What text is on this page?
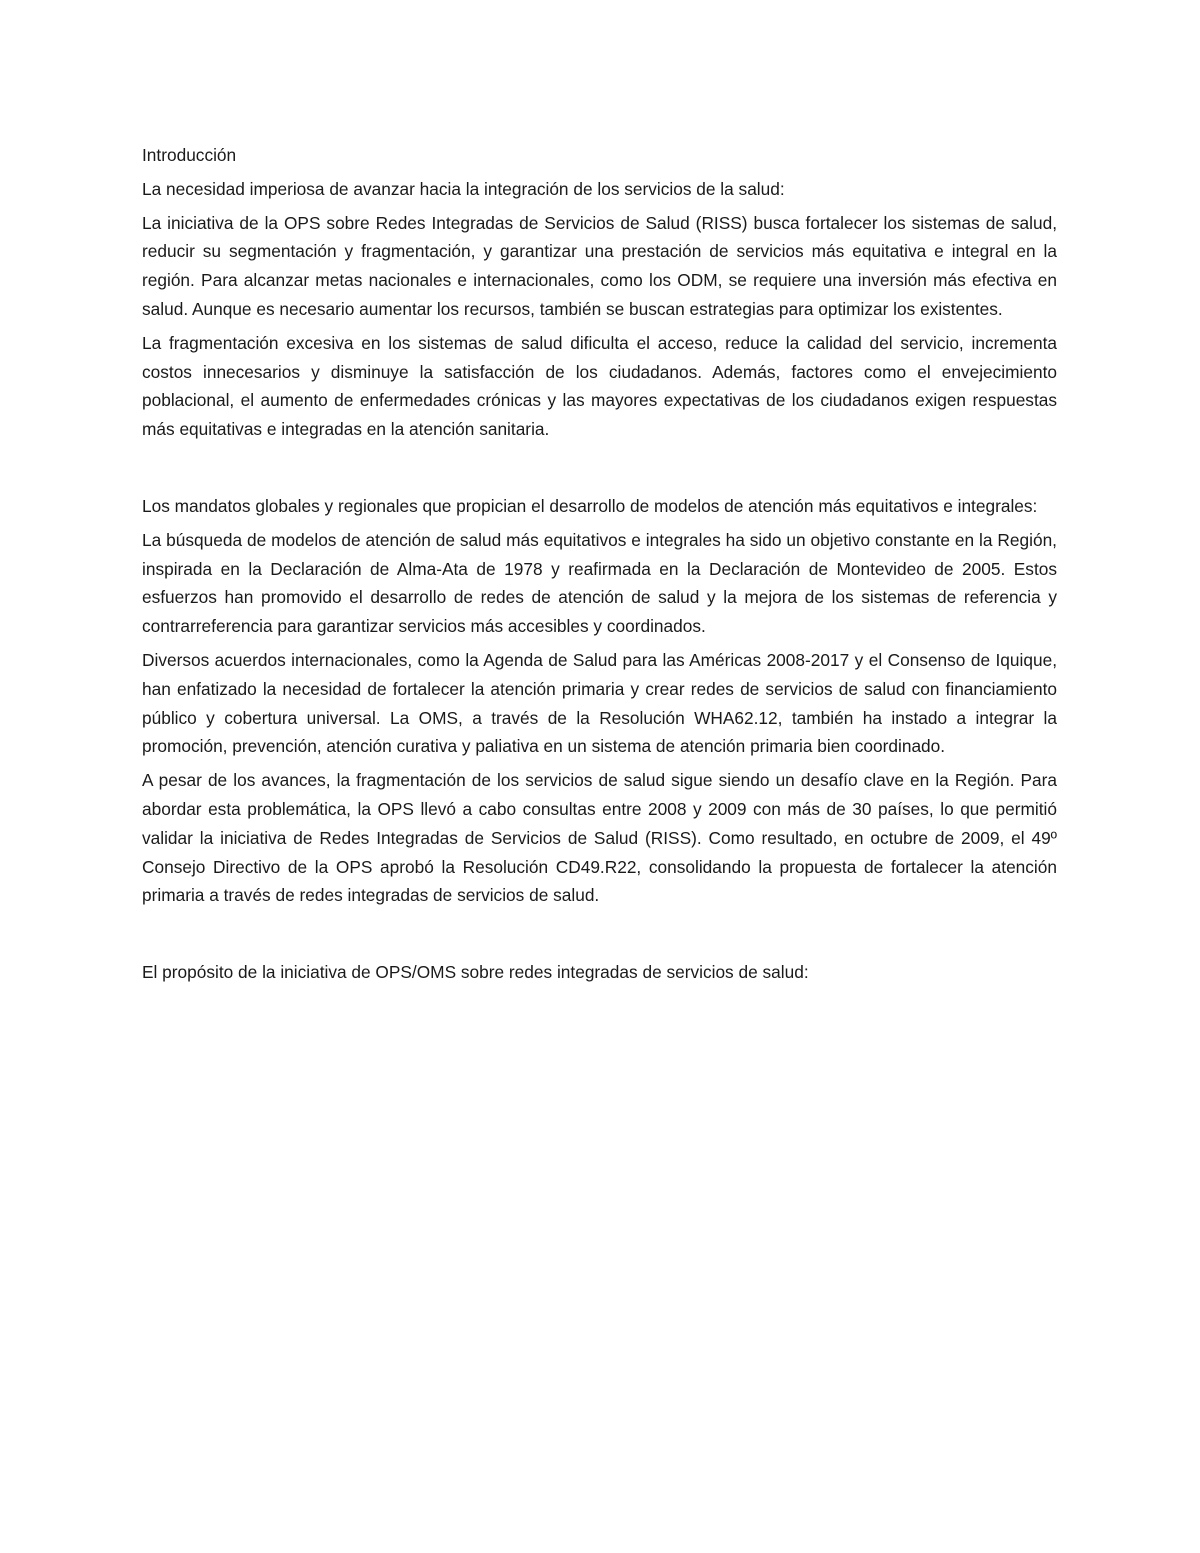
Introducción

La necesidad imperiosa de avanzar hacia la integración de los servicios de la salud:

La iniciativa de la OPS sobre Redes Integradas de Servicios de Salud (RISS) busca fortalecer los sistemas de salud, reducir su segmentación y fragmentación, y garantizar una prestación de servicios más equitativa e integral en la región. Para alcanzar metas nacionales e internacionales, como los ODM, se requiere una inversión más efectiva en salud. Aunque es necesario aumentar los recursos, también se buscan estrategias para optimizar los existentes.

La fragmentación excesiva en los sistemas de salud dificulta el acceso, reduce la calidad del servicio, incrementa costos innecesarios y disminuye la satisfacción de los ciudadanos. Además, factores como el envejecimiento poblacional, el aumento de enfermedades crónicas y las mayores expectativas de los ciudadanos exigen respuestas más equitativas e integradas en la atención sanitaria.

Los mandatos globales y regionales que propician el desarrollo de modelos de atención más equitativos e integrales:

La búsqueda de modelos de atención de salud más equitativos e integrales ha sido un objetivo constante en la Región, inspirada en la Declaración de Alma-Ata de 1978 y reafirmada en la Declaración de Montevideo de 2005. Estos esfuerzos han promovido el desarrollo de redes de atención de salud y la mejora de los sistemas de referencia y contrarreferencia para garantizar servicios más accesibles y coordinados.

Diversos acuerdos internacionales, como la Agenda de Salud para las Américas 2008-2017 y el Consenso de Iquique, han enfatizado la necesidad de fortalecer la atención primaria y crear redes de servicios de salud con financiamiento público y cobertura universal. La OMS, a través de la Resolución WHA62.12, también ha instado a integrar la promoción, prevención, atención curativa y paliativa en un sistema de atención primaria bien coordinado.

A pesar de los avances, la fragmentación de los servicios de salud sigue siendo un desafío clave en la Región. Para abordar esta problemática, la OPS llevó a cabo consultas entre 2008 y 2009 con más de 30 países, lo que permitió validar la iniciativa de Redes Integradas de Servicios de Salud (RISS). Como resultado, en octubre de 2009, el 49º Consejo Directivo de la OPS aprobó la Resolución CD49.R22, consolidando la propuesta de fortalecer la atención primaria a través de redes integradas de servicios de salud.

El propósito de la iniciativa de OPS/OMS sobre redes integradas de servicios de salud:
